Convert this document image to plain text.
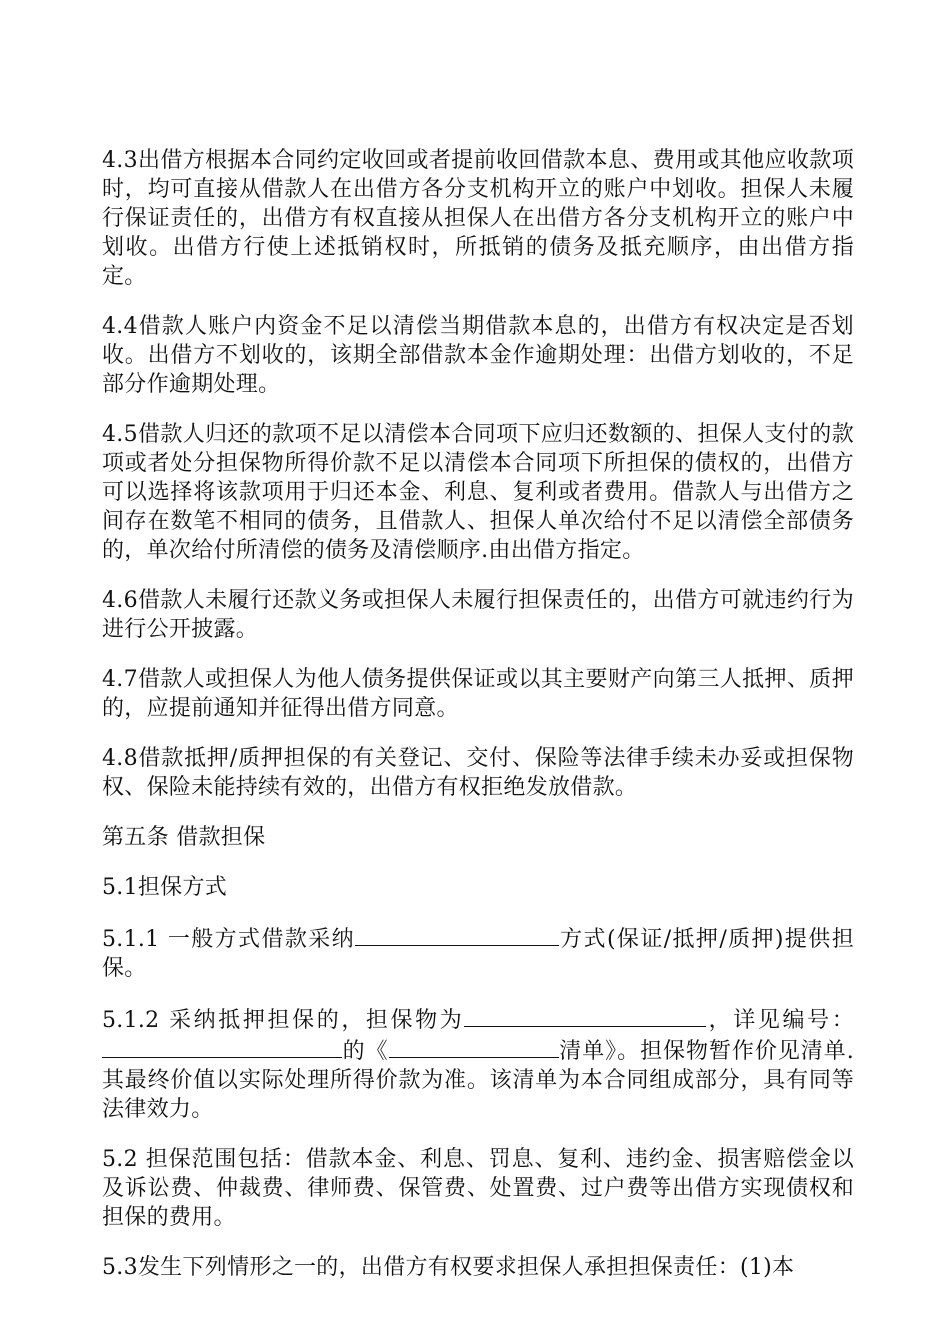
4.3出借方根据本合同约定收回或者提前收回借款本息、费用或其他应收款项时，均可直接从借款人在出借方各分支机构开立的账户中划收。担保人未履行保证责任的，出借方有权直接从担保人在出借方各分支机构开立的账户中划收。出借方行使上述抵销权时，所抵销的债务及抵充顺序，由出借方指定。

4.4借款人账户内资金不足以清偿当期借款本息的，出借方有权决定是否划收。出借方不划收的，该期全部借款本金作逾期处理：出借方划收的，不足部分作逾期处理。

4.5借款人归还的款项不足以清偿本合同项下应归还数额的、担保人支付的款项或者处分担保物所得价款不足以清偿本合同项下所担保的债权的，出借方可以选择将该款项用于归还本金、利息、复利或者费用。借款人与出借方之间存在数笔不相同的债务，且借款人、担保人单次给付不足以清偿全部债务的，单次给付所清偿的债务及清偿顺序.由出借方指定。

4.6借款人未履行还款义务或担保人未履行担保责任的，出借方可就违约行为进行公开披露。

4.7借款人或担保人为他人债务提供保证或以其主要财产向第三人抵押、质押的，应提前通知并征得出借方同意。

4.8借款抵押/质押担保的有关登记、交付、保险等法律手续未办妥或担保物权、保险未能持续有效的，出借方有权拒绝发放借款。

第五条 借款担保

5.1担保方式

5.1.1 一般方式借款采纳	方式(保证/抵押/质押)提供担保。

5.1.2 采纳抵押担保的，担保物为	，详见编号：的《	清单》。担保物暂作价见清单.其最终价值以实际处理所得价款为准。该清单为本合同组成部分，具有同等法律效力。

5.2 担保范围包括：借款本金、利息、罚息、复利、违约金、损害赔偿金以及诉讼费、仲裁费、律师费、保管费、处置费、过户费等出借方实现债权和担保的费用。

5.3发生下列情形之一的，出借方有权要求担保人承担担保责任：(1)本
